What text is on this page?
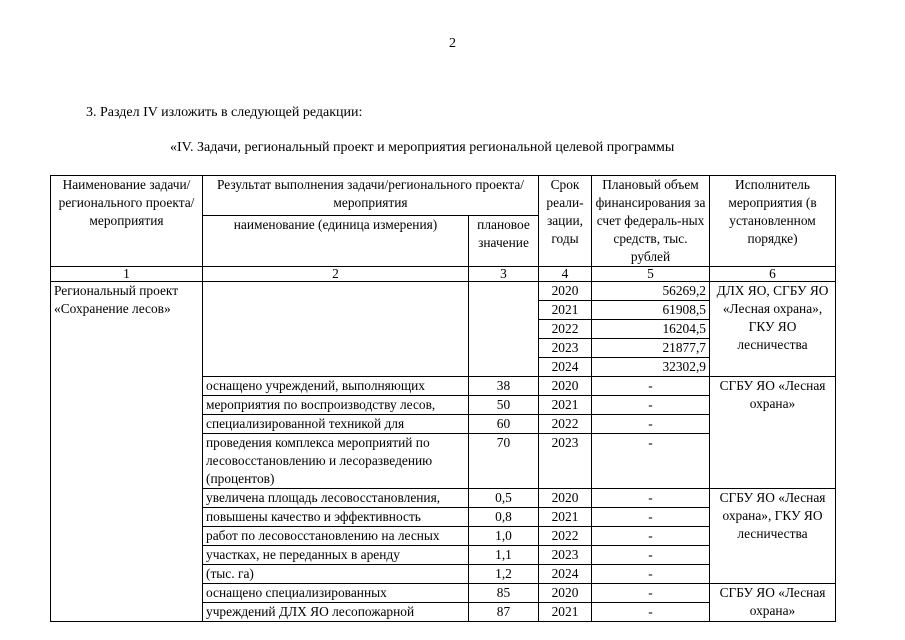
2
3. Раздел IV изложить в следующей редакции:
«IV. Задачи, региональный проект и мероприятия региональной целевой программы
Наименование задачи/регионального проекта/мероприятия	Результат выполнения задачи/регионального проекта/мероприятия		Срок реали-зации, годы	Плановый объем финансирования за счет федераль-ных средств, тыс. рублей	Исполнитель мероприятия (в установленном порядке)
	наименование (единица измерения)	плановое значение			
1	2	3	4	5	6
Региональный проект «Сохранение лесов»			2020	56269,2	ДЛХ ЯО, СГБУ ЯО «Лесная охрана», ГКУ ЯО лесничества
			2021	61908,5	
			2022	16204,5	
			2023	21877,7	
			2024	32302,9	
	оснащено учреждений, выполняющих	38	2020	-	СГБУ ЯО «Лесная охрана»
	мероприятия по воспроизводству лесов,	50	2021	-	
	специализированной техникой для	60	2022	-	
	проведения комплекса мероприятий по лесовосстановлению и лесоразведению (процентов)	70	2023	-	
	увеличена площадь лесовосстановления,	0,5	2020	-	СГБУ ЯО «Лесная охрана», ГКУ ЯО лесничества
	повышены качество и эффективность	0,8	2021	-	
	работ по лесовосстановлению на лесных	1,0	2022	-	
	участках, не переданных в аренду	1,1	2023	-	
	(тыс. га)	1,2	2024	-	
	оснащено специализированных	85	2020	-	СГБУ ЯО «Лесная охрана»
	учреждений ДЛХ ЯО лесопожарной	87	2021	-	
